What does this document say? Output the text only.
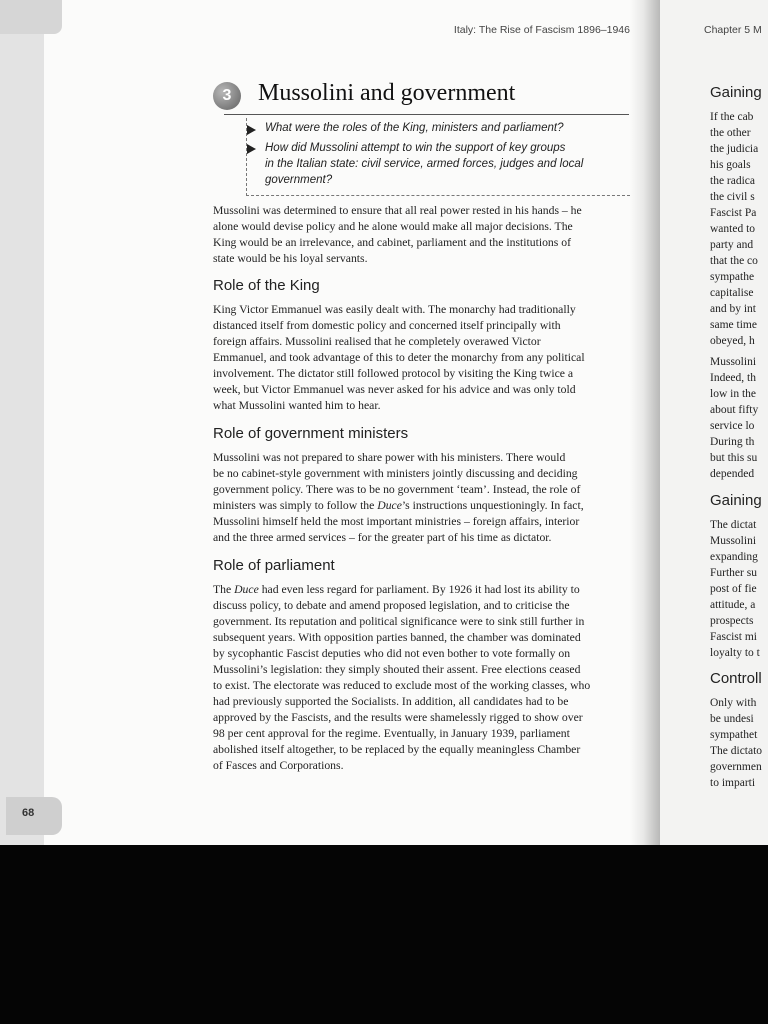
Italy: The Rise of Fascism 1896–1946	Chapter 5 M
3	Mussolini and government
What were the roles of the King, ministers and parliament?
How did Mussolini attempt to win the support of key groups
in the Italian state: civil service, armed forces, judges and local
government?
Mussolini was determined to ensure that all real power rested in his hands – he
alone would devise policy and he alone would make all major decisions. The
King would be an irrelevance, and cabinet, parliament and the institutions of
state would be his loyal servants.
Role of the King
King Victor Emmanuel was easily dealt with. The monarchy had traditionally
distanced itself from domestic policy and concerned itself principally with
foreign affairs. Mussolini realised that he completely overawed Victor
Emmanuel, and took advantage of this to deter the monarchy from any political
involvement. The dictator still followed protocol by visiting the King twice a
week, but Victor Emmanuel was never asked for his advice and was only told
what Mussolini wanted him to hear.
Role of government ministers
Mussolini was not prepared to share power with his ministers. There would
be no cabinet-style government with ministers jointly discussing and deciding
government policy. There was to be no government ‘team’. Instead, the role of
ministers was simply to follow the Duce’s instructions unquestioningly. In fact,
Mussolini himself held the most important ministries – foreign affairs, interior
and the three armed services – for the greater part of his time as dictator.
Role of parliament
The Duce had even less regard for parliament. By 1926 it had lost its ability to
discuss policy, to debate and amend proposed legislation, and to criticise the
government. Its reputation and political significance were to sink still further in
subsequent years. With opposition parties banned, the chamber was dominated
by sycophantic Fascist deputies who did not even bother to vote formally on
Mussolini’s legislation: they simply shouted their assent. Free elections ceased
to exist. The electorate was reduced to exclude most of the working classes, who
had previously supported the Socialists. In addition, all candidates had to be
approved by the Fascists, and the results were shamelessly rigged to show over
98 per cent approval for the regime. Eventually, in January 1939, parliament
abolished itself altogether, to be replaced by the equally meaningless Chamber
of Fasces and Corporations.
68
Gaining
If the cab
the other
the judicia
his goals
the radica
the civil s
Fascist Pa
wanted to
party and
that the co
sympathe
capitalise
and by int
same time
obeyed, h
Mussolini
Indeed, th
low in the
about fifty
service lo
During th
but this su
depended
Gaining
The dictat
Mussolini
expanding
Further su
post of fie
attitude, a
prospects
Fascist mi
loyalty to t
Controll
Only with
be undesi
sympathet
The dictato
governmen
to imparti
